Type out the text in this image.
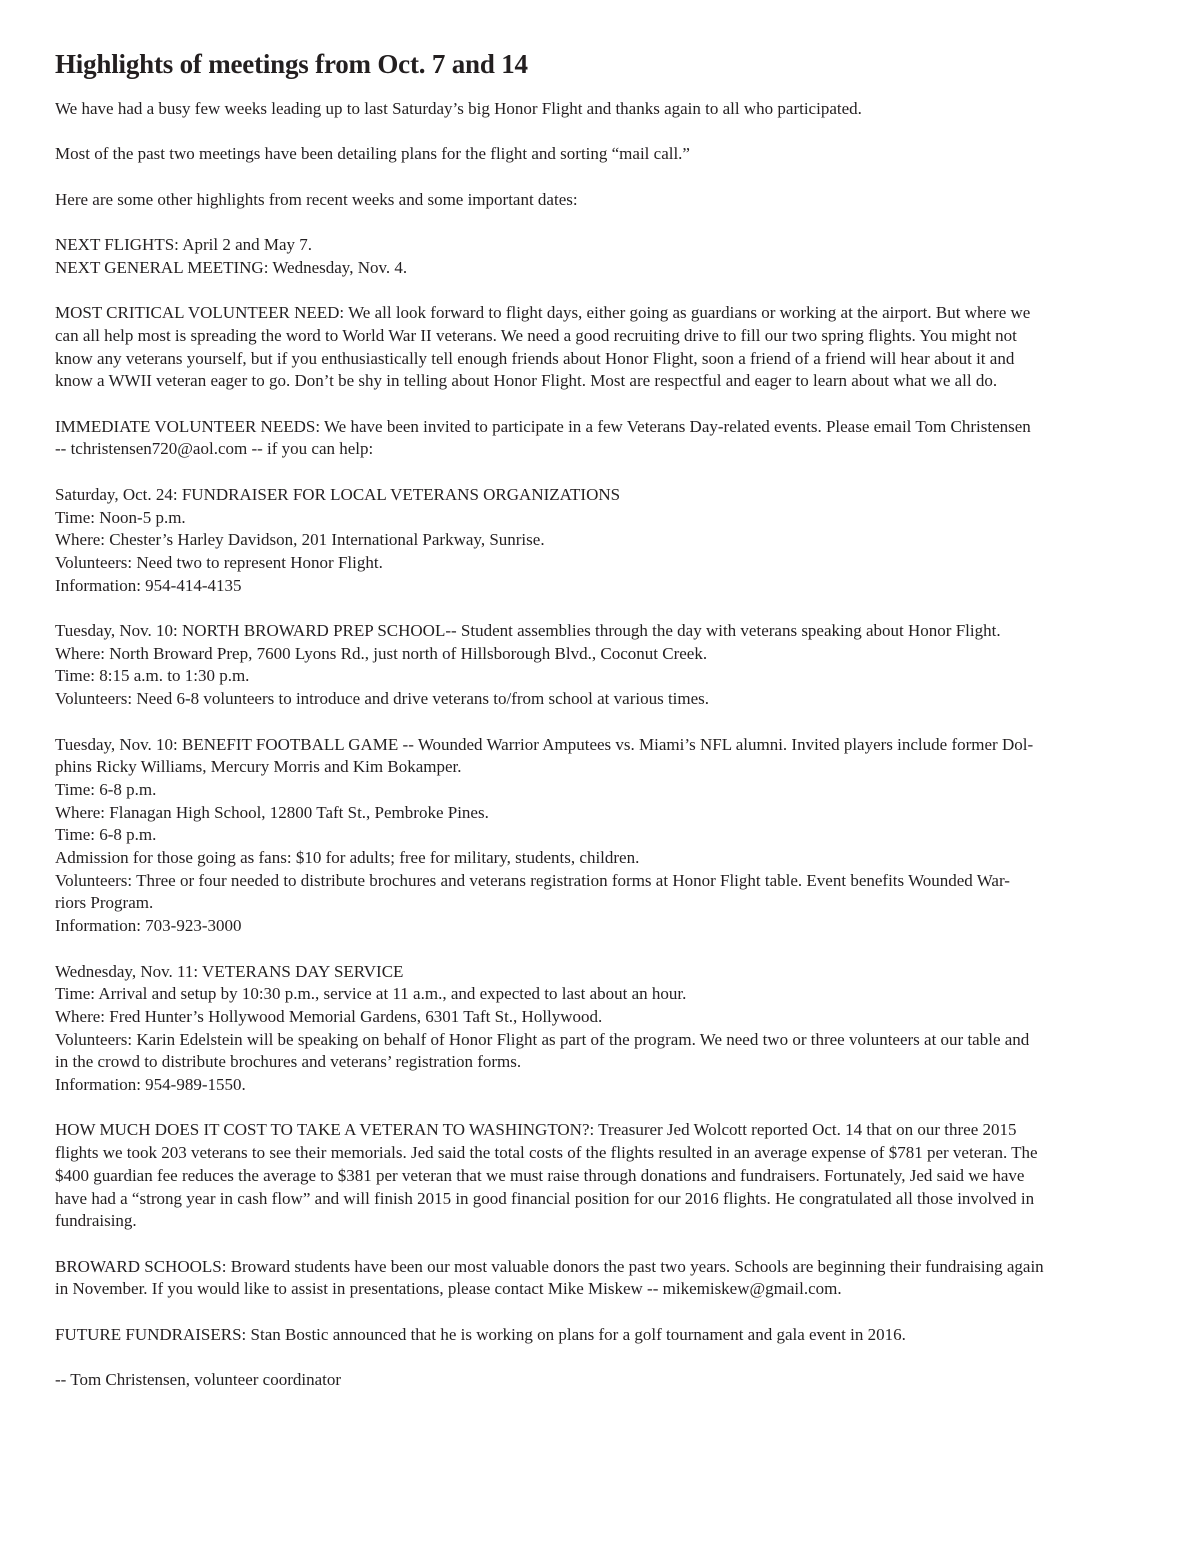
Highlights of meetings from Oct. 7 and 14
We have had a busy few weeks leading up to last Saturday’s big Honor Flight and thanks again to all who participated.
Most of the past two meetings have been detailing plans for the flight and sorting “mail call.”
Here are some other highlights from recent weeks and some important dates:
NEXT FLIGHTS: April 2 and May 7.
NEXT GENERAL MEETING: Wednesday, Nov. 4.
MOST CRITICAL VOLUNTEER NEED: We all look forward to flight days, either going as guardians or working at the airport. But where we
can all help most is spreading the word to World War II veterans. We need a good recruiting drive to fill our two spring flights. You might not
know any veterans yourself, but if you enthusiastically tell enough friends about Honor Flight, soon a friend of a friend will hear about it and
know a WWII veteran eager to go. Don’t be shy in telling about Honor Flight. Most are respectful and eager to learn about what we all do.
IMMEDIATE VOLUNTEER NEEDS: We have been invited to participate in a few Veterans Day-related events. Please email Tom Christensen
-- tchristensen720@aol.com -- if you can help:
Saturday, Oct. 24: FUNDRAISER FOR LOCAL VETERANS ORGANIZATIONS
Time: Noon-5 p.m.
Where: Chester’s Harley Davidson, 201 International Parkway, Sunrise.
Volunteers: Need two to represent Honor Flight.
Information: 954-414-4135
Tuesday, Nov. 10: NORTH BROWARD PREP SCHOOL-- Student assemblies through the day with veterans speaking about Honor Flight.
Where: North Broward Prep, 7600 Lyons Rd., just north of Hillsborough Blvd., Coconut Creek.
Time: 8:15 a.m. to 1:30 p.m.
Volunteers: Need 6-8 volunteers to introduce and drive veterans to/from school at various times.
Tuesday, Nov. 10: BENEFIT FOOTBALL GAME -- Wounded Warrior Amputees vs. Miami’s NFL alumni. Invited players include former Dol-
phins Ricky Williams, Mercury Morris and Kim Bokamper.
Time: 6-8 p.m.
Where: Flanagan High School, 12800 Taft St., Pembroke Pines.
Time: 6-8 p.m.
Admission for those going as fans: $10 for adults; free for military, students, children.
Volunteers: Three or four needed to distribute brochures and veterans registration forms at Honor Flight table. Event benefits Wounded War-
riors Program.
Information: 703-923-3000
Wednesday, Nov. 11: VETERANS DAY SERVICE
Time: Arrival and setup by 10:30 p.m., service at 11 a.m., and expected to last about an hour.
Where: Fred Hunter’s Hollywood Memorial Gardens, 6301 Taft St., Hollywood.
Volunteers: Karin Edelstein will be speaking on behalf of Honor Flight as part of the program. We need two or three volunteers at our table and
in the crowd to distribute brochures and veterans’ registration forms.
Information: 954-989-1550.
HOW MUCH DOES IT COST TO TAKE A VETERAN TO WASHINGTON?: Treasurer Jed Wolcott reported Oct. 14 that on our three 2015
flights we took 203 veterans to see their memorials. Jed said the total costs of the flights resulted in an average expense of $781 per veteran. The
$400 guardian fee reduces the average to $381 per veteran that we must raise through donations and fundraisers. Fortunately, Jed said we have
have had a “strong year in cash flow” and will finish 2015 in good financial position for our 2016 flights. He congratulated all those involved in
fundraising.
BROWARD SCHOOLS: Broward students have been our most valuable donors the past two years. Schools are beginning their fundraising again
in November. If you would like to assist in presentations, please contact Mike Miskew -- mikemiskew@gmail.com.
FUTURE FUNDRAISERS: Stan Bostic announced that he is working on plans for a golf tournament and gala event in 2016.
-- Tom Christensen, volunteer coordinator
